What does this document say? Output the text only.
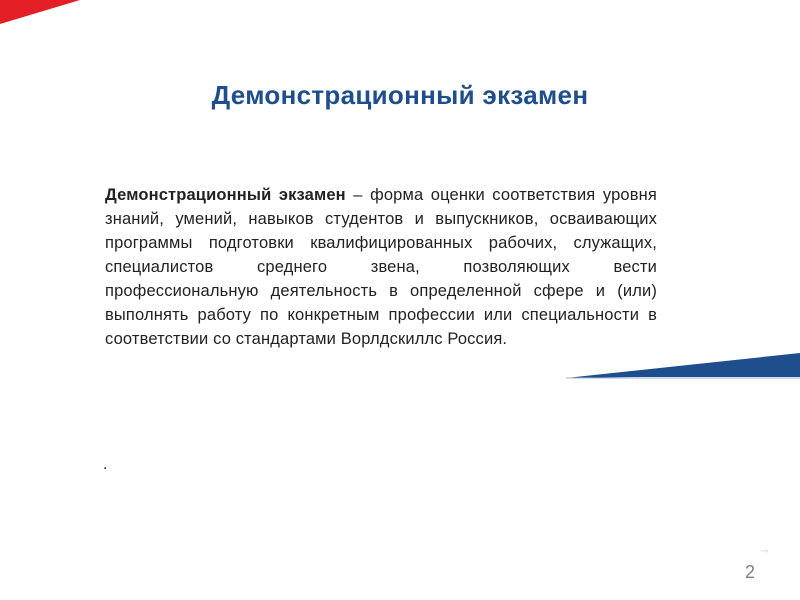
→
Демонстрационный экзамен
Демонстрационный экзамен – форма оценки соответствия уровня знаний, умений, навыков студентов и выпускников, осваивающих программы подготовки квалифицированных рабочих, служащих, специалистов среднего звена, позволяющих вести профессиональную деятельность в определенной сфере и (или) выполнять работу по конкретным профессии или специальности в соответствии со стандартами Ворлдскиллс Россия.
.
2
